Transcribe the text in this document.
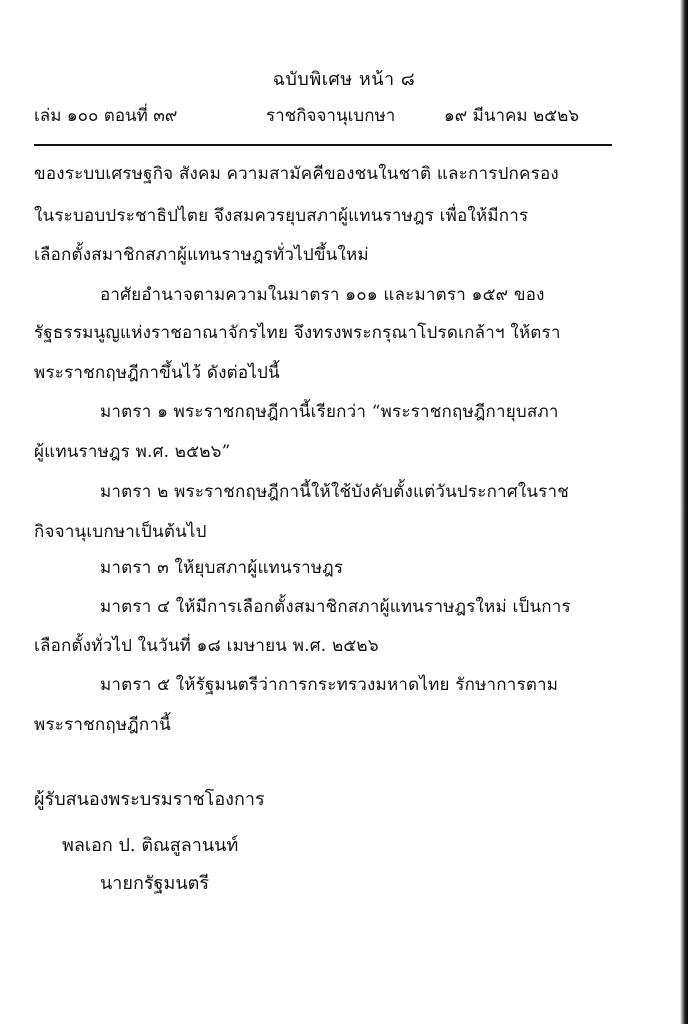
ฉบับพิเศษ หน้า ๘
เล่ม ๑๐๐ ตอนที่ ๓๙	ราชกิจจานุเบกษา	๑๙ มีนาคม ๒๕๒๖
ของระบบเศรษฐกิจ สังคม ความสามัคคีของชนในชาติ และการปกครอง
ในระบอบประชาธิปไตย จึงสมควรยุบสภาผู้แทนราษฎร เพื่อให้มีการ
เลือกตั้งสมาชิกสภาผู้แทนราษฎรทั่วไปขึ้นใหม่
อาศัยอำนาจตามความในมาตรา ๑๐๑ และมาตรา ๑๕๙ ของ
รัฐธรรมนูญแห่งราชอาณาจักรไทย จึงทรงพระกรุณาโปรดเกล้าฯ ให้ตรา
พระราชกฤษฎีกาขึ้นไว้ ดังต่อไปนี้
มาตรา ๑ พระราชกฤษฎีกานี้เรียกว่า “พระราชกฤษฎีกายุบสภา
ผู้แทนราษฎร พ.ศ. ๒๕๒๖”
มาตรา ๒ พระราชกฤษฎีกานี้ให้ใช้บังคับตั้งแต่วันประกาศในราช
กิจจานุเบกษาเป็นต้นไป
มาตรา ๓ ให้ยุบสภาผู้แทนราษฎร
มาตรา ๔ ให้มีการเลือกตั้งสมาชิกสภาผู้แทนราษฎรใหม่ เป็นการ
เลือกตั้งทั่วไป ในวันที่ ๑๘ เมษายน พ.ศ. ๒๕๒๖
มาตรา ๕ ให้รัฐมนตรีว่าการกระทรวงมหาดไทย รักษาการตาม
พระราชกฤษฎีกานี้
ผู้รับสนองพระบรมราชโองการ
พลเอก ป. ติณสูลานนท์
นายกรัฐมนตรี
